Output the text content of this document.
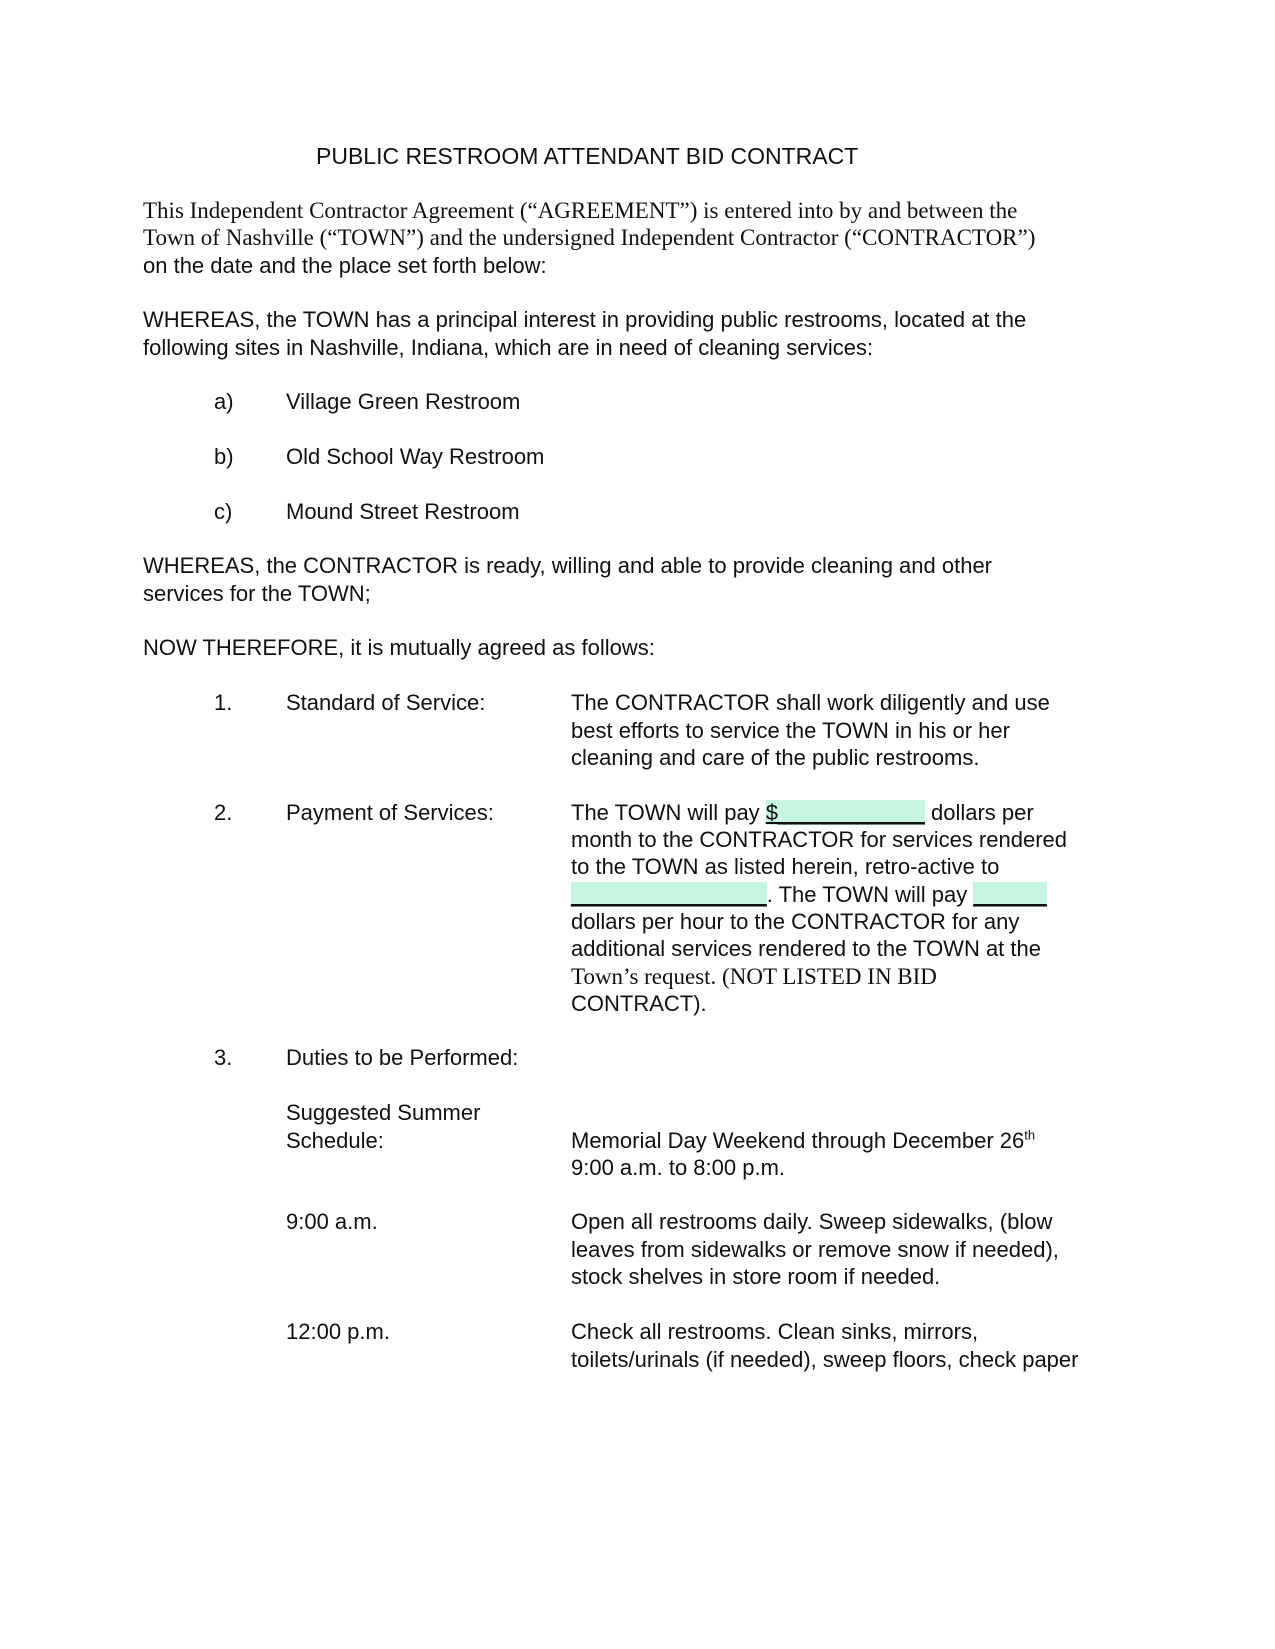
PUBLIC RESTROOM ATTENDANT BID CONTRACT
This Independent Contractor Agreement (“AGREEMENT”) is entered into by and between the
Town of Nashville (“TOWN”) and the undersigned Independent Contractor (“CONTRACTOR”)
on the date and the place set forth below:
WHEREAS, the TOWN has a principal interest in providing public restrooms, located at the
following sites in Nashville, Indiana, which are in need of cleaning services:
a) Village Green Restroom
b) Old School Way Restroom
c) Mound Street Restroom
WHEREAS, the CONTRACTOR is ready, willing and able to provide cleaning and other
services for the TOWN;
NOW THEREFORE, it is mutually agreed as follows:
1. Standard of Service:	The CONTRACTOR shall work diligently and use
best efforts to service the TOWN in his or her
cleaning and care of the public restrooms.
2. Payment of Services:	The TOWN will pay $____________ dollars per
month to the CONTRACTOR for services rendered
to the TOWN as listed herein, retro-active to
________________. The TOWN will pay ______
dollars per hour to the CONTRACTOR for any
additional services rendered to the TOWN at the
Town’s request. (NOT LISTED IN BID
CONTRACT).
3. Duties to be Performed:
Suggested Summer
Schedule:	Memorial Day Weekend through December 26th
9:00 a.m. to 8:00 p.m.
9:00 a.m.	Open all restrooms daily. Sweep sidewalks, (blow
leaves from sidewalks or remove snow if needed),
stock shelves in store room if needed.
12:00 p.m.	Check all restrooms. Clean sinks, mirrors,
toilets/urinals (if needed), sweep floors, check paper
